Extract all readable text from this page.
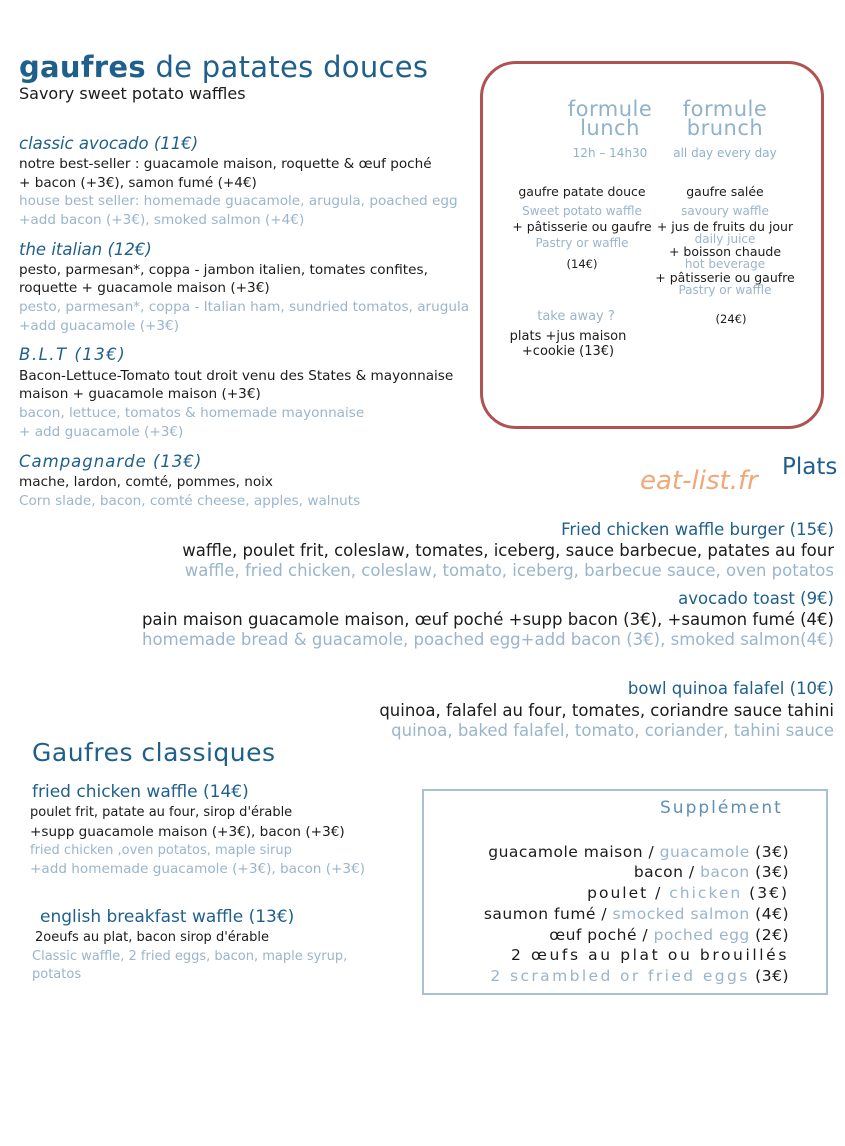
gaufres de patates douces
Savory sweet potato waffles
classic avocado (11€)
notre best-seller : guacamole maison, roquette & œuf poché
+ bacon (+3€), samon fumé (+4€)
house best seller: homemade guacamole, arugula, poached egg
+add bacon (+3€), smoked salmon (+4€)
the italian (12€)
pesto, parmesan*, coppa - jambon italien, tomates confites,
roquette + guacamole maison (+3€)
pesto, parmesan*, coppa - Italian ham, sundried tomatos, arugula
+add guacamole (+3€)
B.L.T (13€)
Bacon-Lettuce-Tomato tout droit venu des States & mayonnaise
maison + guacamole maison (+3€)
bacon, lettuce, tomatos & homemade mayonnaise
+ add guacamole (+3€)
Campagnarde (13€)
mache, lardon, comté, pommes, noix
Corn slade, bacon, comté cheese, apples, walnuts
formule
lunch
12h – 14h30
formule
brunch
all day every day
gaufre patate douce
Sweet potato waffle
+ pâtisserie ou gaufre
Pastry or waffle
(14€)
gaufre salée
savoury waffle
+ jus de fruits du jour
daily juice
+ boisson chaude
hot beverage
+ pâtisserie ou gaufre
Pastry or waffle
(24€)
take away ?
plats +jus maison
+cookie (13€)
eat-list.fr Plats
Fried chicken waffle burger (15€)
waffle, poulet frit, coleslaw, tomates, iceberg, sauce barbecue, patates au four
waffle, fried chicken, coleslaw, tomato, iceberg, barbecue sauce, oven potatos
avocado toast (9€)
pain maison guacamole maison, œuf poché +supp bacon (3€), +saumon fumé (4€)
homemade bread & guacamole, poached egg+add bacon (3€), smoked salmon(4€)
bowl quinoa falafel (10€)
quinoa, falafel au four, tomates, coriandre sauce tahini
quinoa, baked falafel, tomato, coriander, tahini sauce
Gaufres classiques
fried chicken waffle (14€)
poulet frit, patate au four, sirop d'érable
+supp guacamole maison (+3€), bacon (+3€)
fried chicken ,oven potatos, maple sirup
+add homemade guacamole (+3€), bacon (+3€)
english breakfast waffle (13€)
2oeufs au plat, bacon sirop d'érable
Classic waffle, 2 fried eggs, bacon, maple syrup,
potatos
Supplément
guacamole maison / guacamole (3€)
bacon / bacon (3€)
poulet / chicken (3€)
saumon fumé / smocked salmon (4€)
œuf poché / poched egg (2€)
2 œufs au plat ou brouillés
2 scrambled or fried eggs (3€)
